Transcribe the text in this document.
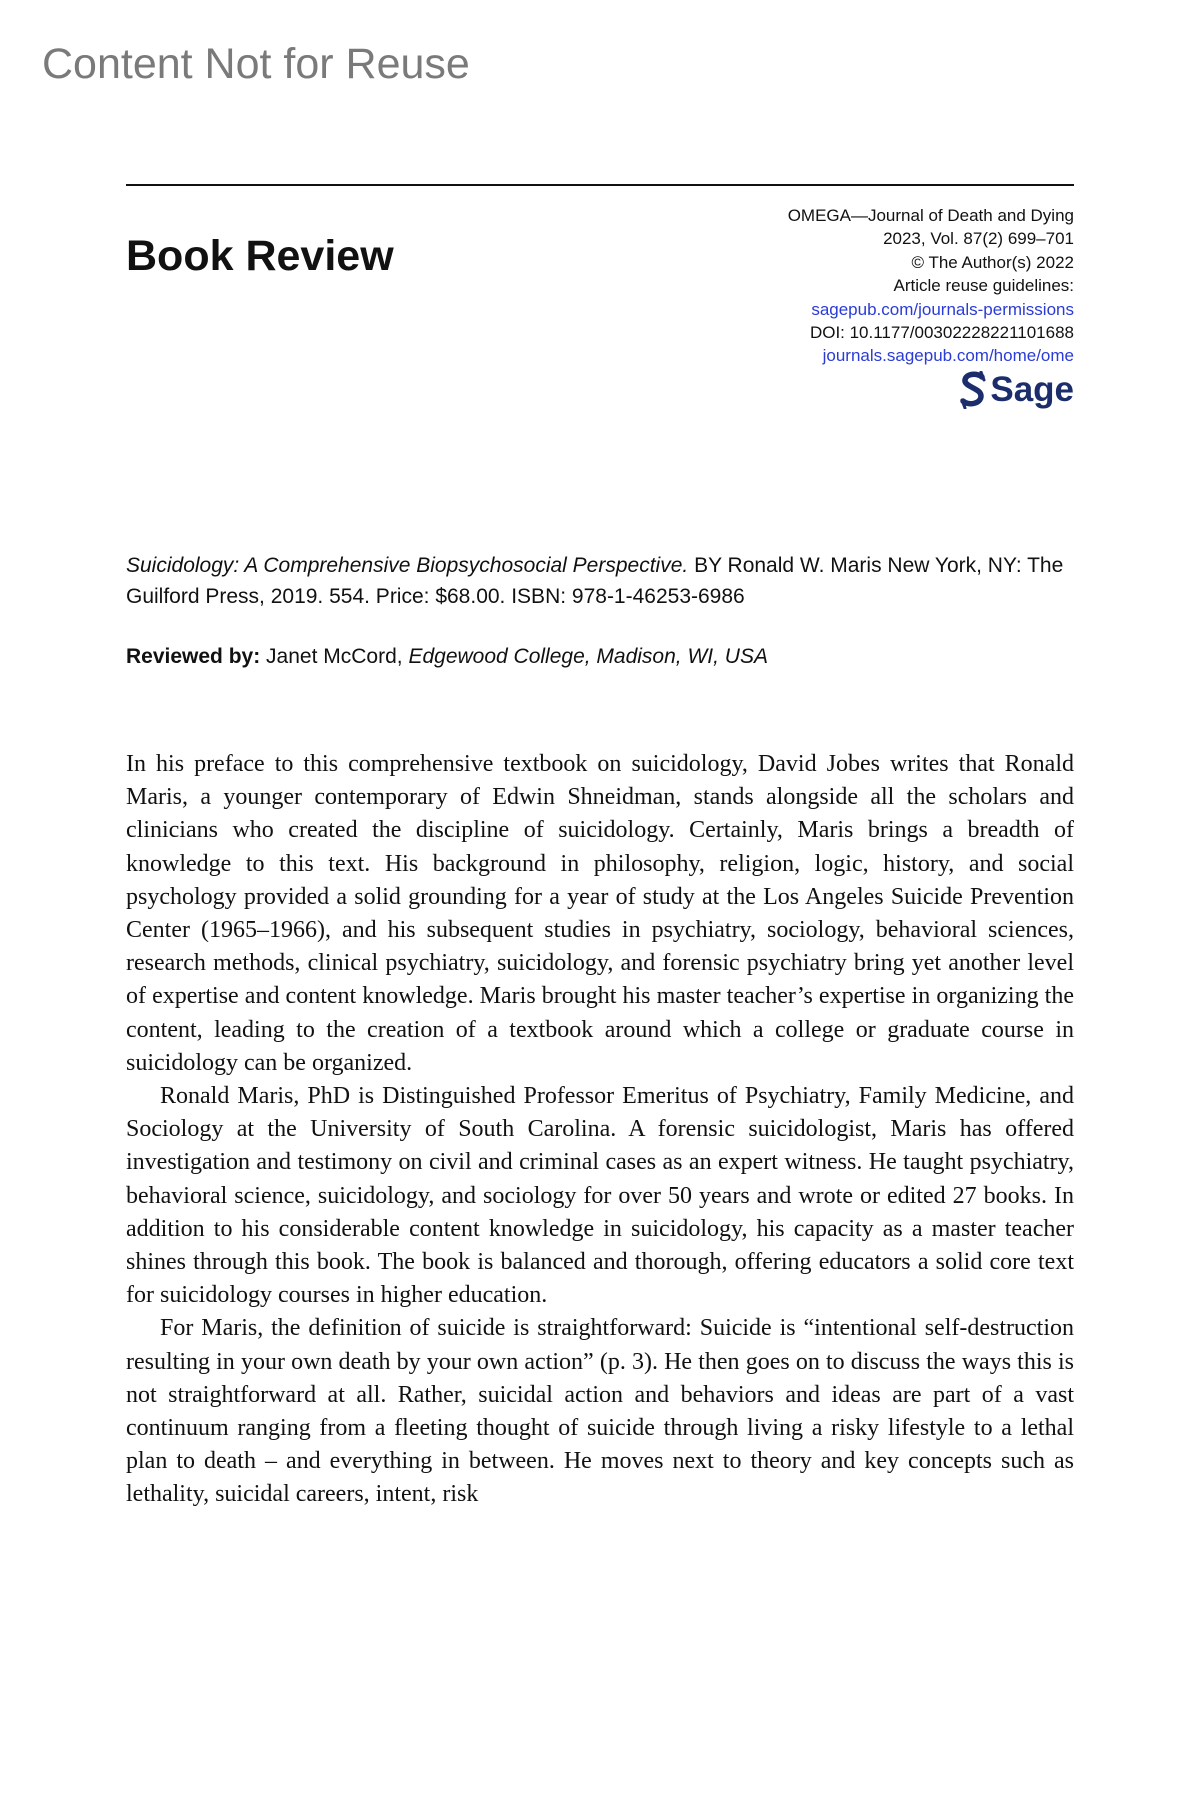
Content Not for Reuse
Book Review
OMEGA—Journal of Death and Dying
2023, Vol. 87(2) 699–701
© The Author(s) 2022
Article reuse guidelines:
sagepub.com/journals-permissions
DOI: 10.1177/00302228221101688
journals.sagepub.com/home/ome
Sage
Suicidology: A Comprehensive Biopsychosocial Perspective. BY Ronald W. Maris New York, NY: The Guilford Press, 2019. 554. Price: $68.00. ISBN: 978-1-46253-6986
Reviewed by: Janet McCord, Edgewood College, Madison, WI, USA

In his preface to this comprehensive textbook on suicidology, David Jobes writes that Ronald Maris, a younger contemporary of Edwin Shneidman, stands alongside all the scholars and clinicians who created the discipline of suicidology. Certainly, Maris brings a breadth of knowledge to this text. His background in philosophy, religion, logic, history, and social psychology provided a solid grounding for a year of study at the Los Angeles Suicide Prevention Center (1965–1966), and his subsequent studies in psychiatry, sociology, behavioral sciences, research methods, clinical psychiatry, suicidology, and forensic psychiatry bring yet another level of expertise and content knowledge. Maris brought his master teacher’s expertise in organizing the content, leading to the creation of a textbook around which a college or graduate course in suicidology can be organized.

Ronald Maris, PhD is Distinguished Professor Emeritus of Psychiatry, Family Medicine, and Sociology at the University of South Carolina. A forensic suicidologist, Maris has offered investigation and testimony on civil and criminal cases as an expert witness. He taught psychiatry, behavioral science, suicidology, and sociology for over 50 years and wrote or edited 27 books. In addition to his considerable content knowledge in suicidology, his capacity as a master teacher shines through this book. The book is balanced and thorough, offering educators a solid core text for suicidology courses in higher education.

For Maris, the definition of suicide is straightforward: Suicide is “intentional self-destruction resulting in your own death by your own action” (p. 3). He then goes on to discuss the ways this is not straightforward at all. Rather, suicidal action and behaviors and ideas are part of a vast continuum ranging from a fleeting thought of suicide through living a risky lifestyle to a lethal plan to death – and everything in between. He moves next to theory and key concepts such as lethality, suicidal careers, intent, risk
